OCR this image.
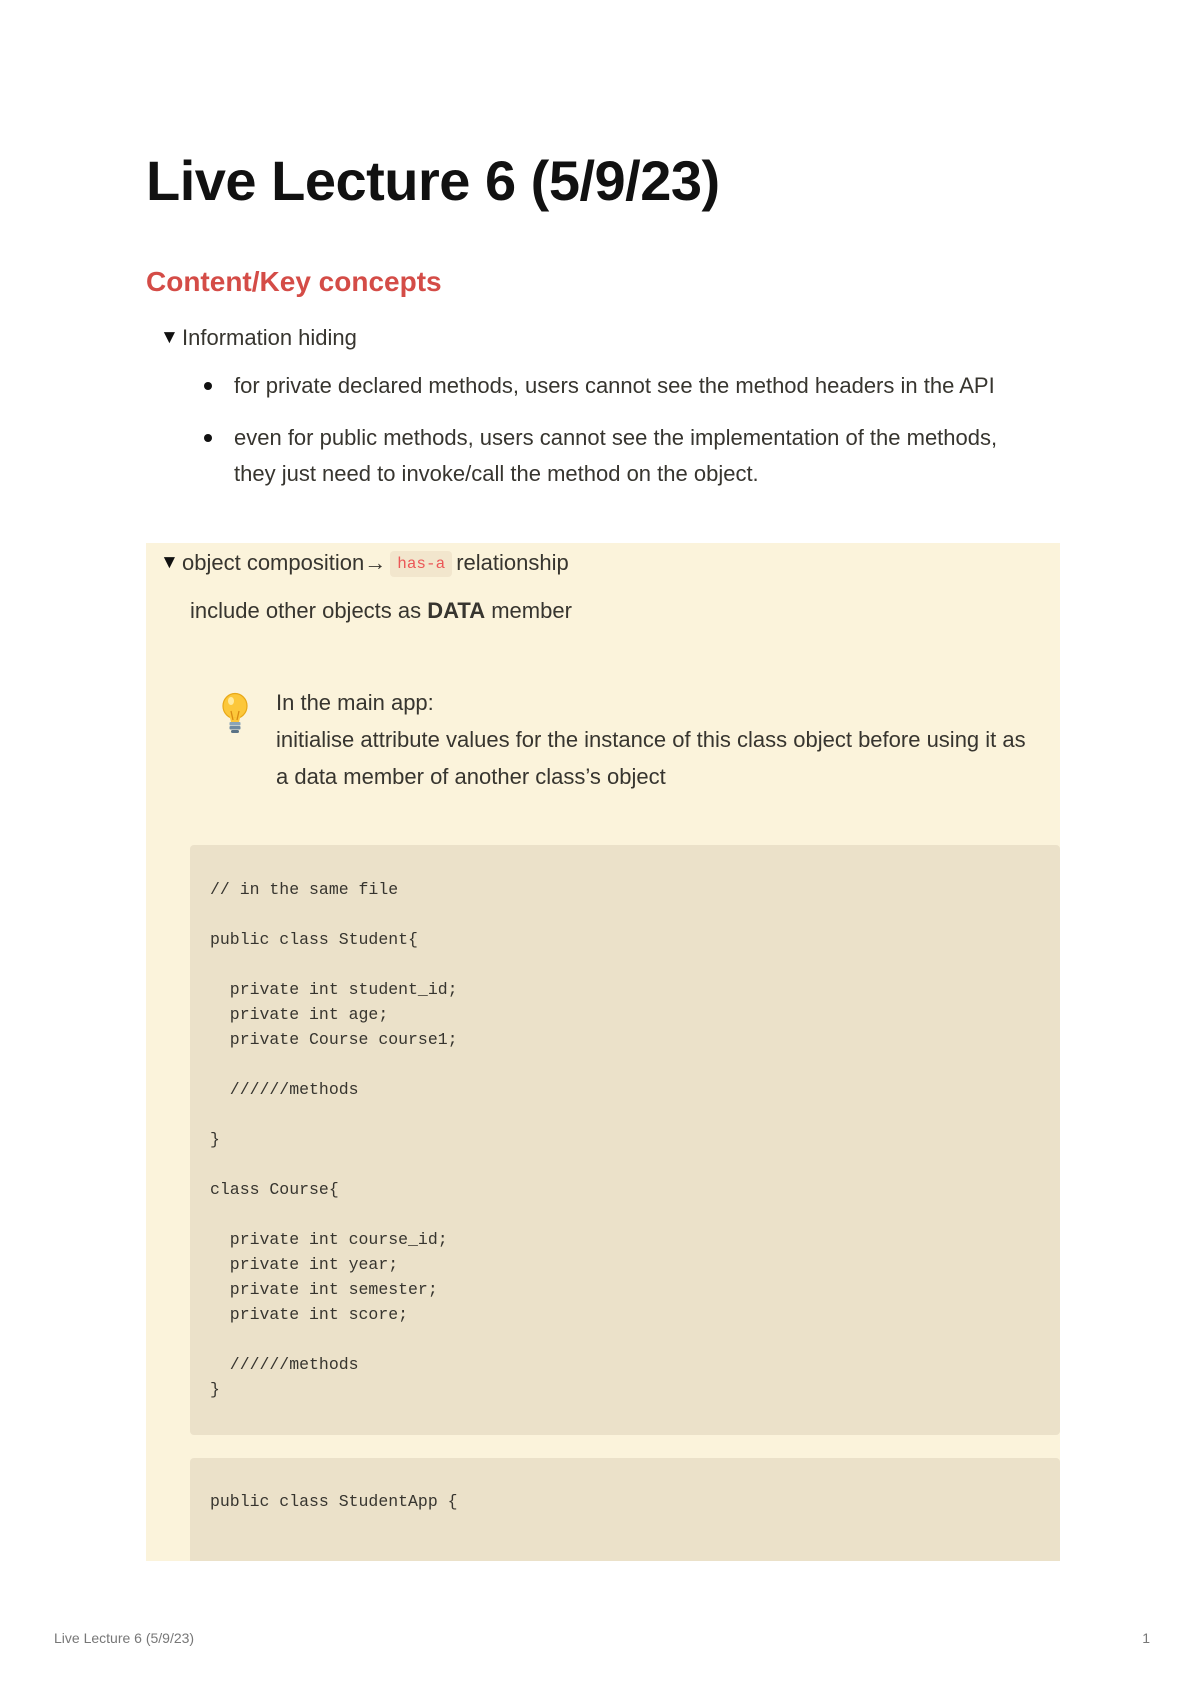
Live Lecture 6 (5/9/23)
Content/Key concepts
▼ Information hiding
for private declared methods, users cannot see the method headers in the API
even for public methods, users cannot see the implementation of the methods, they just need to invoke/call the method on the object.
▼ object composition→ has-a relationship
include other objects as DATA member
In the main app:
initialise attribute values for the instance of this class object before using it as a data member of another class’s object
// in the same file

public class Student{

private int student_id;
private int age;
private Course course1;

//////methods

}

class Course{

private int course_id;
private int year;
private int semester;
private int score;

//////methods
}
public class StudentApp {
Live Lecture 6 (5/9/23)	1
